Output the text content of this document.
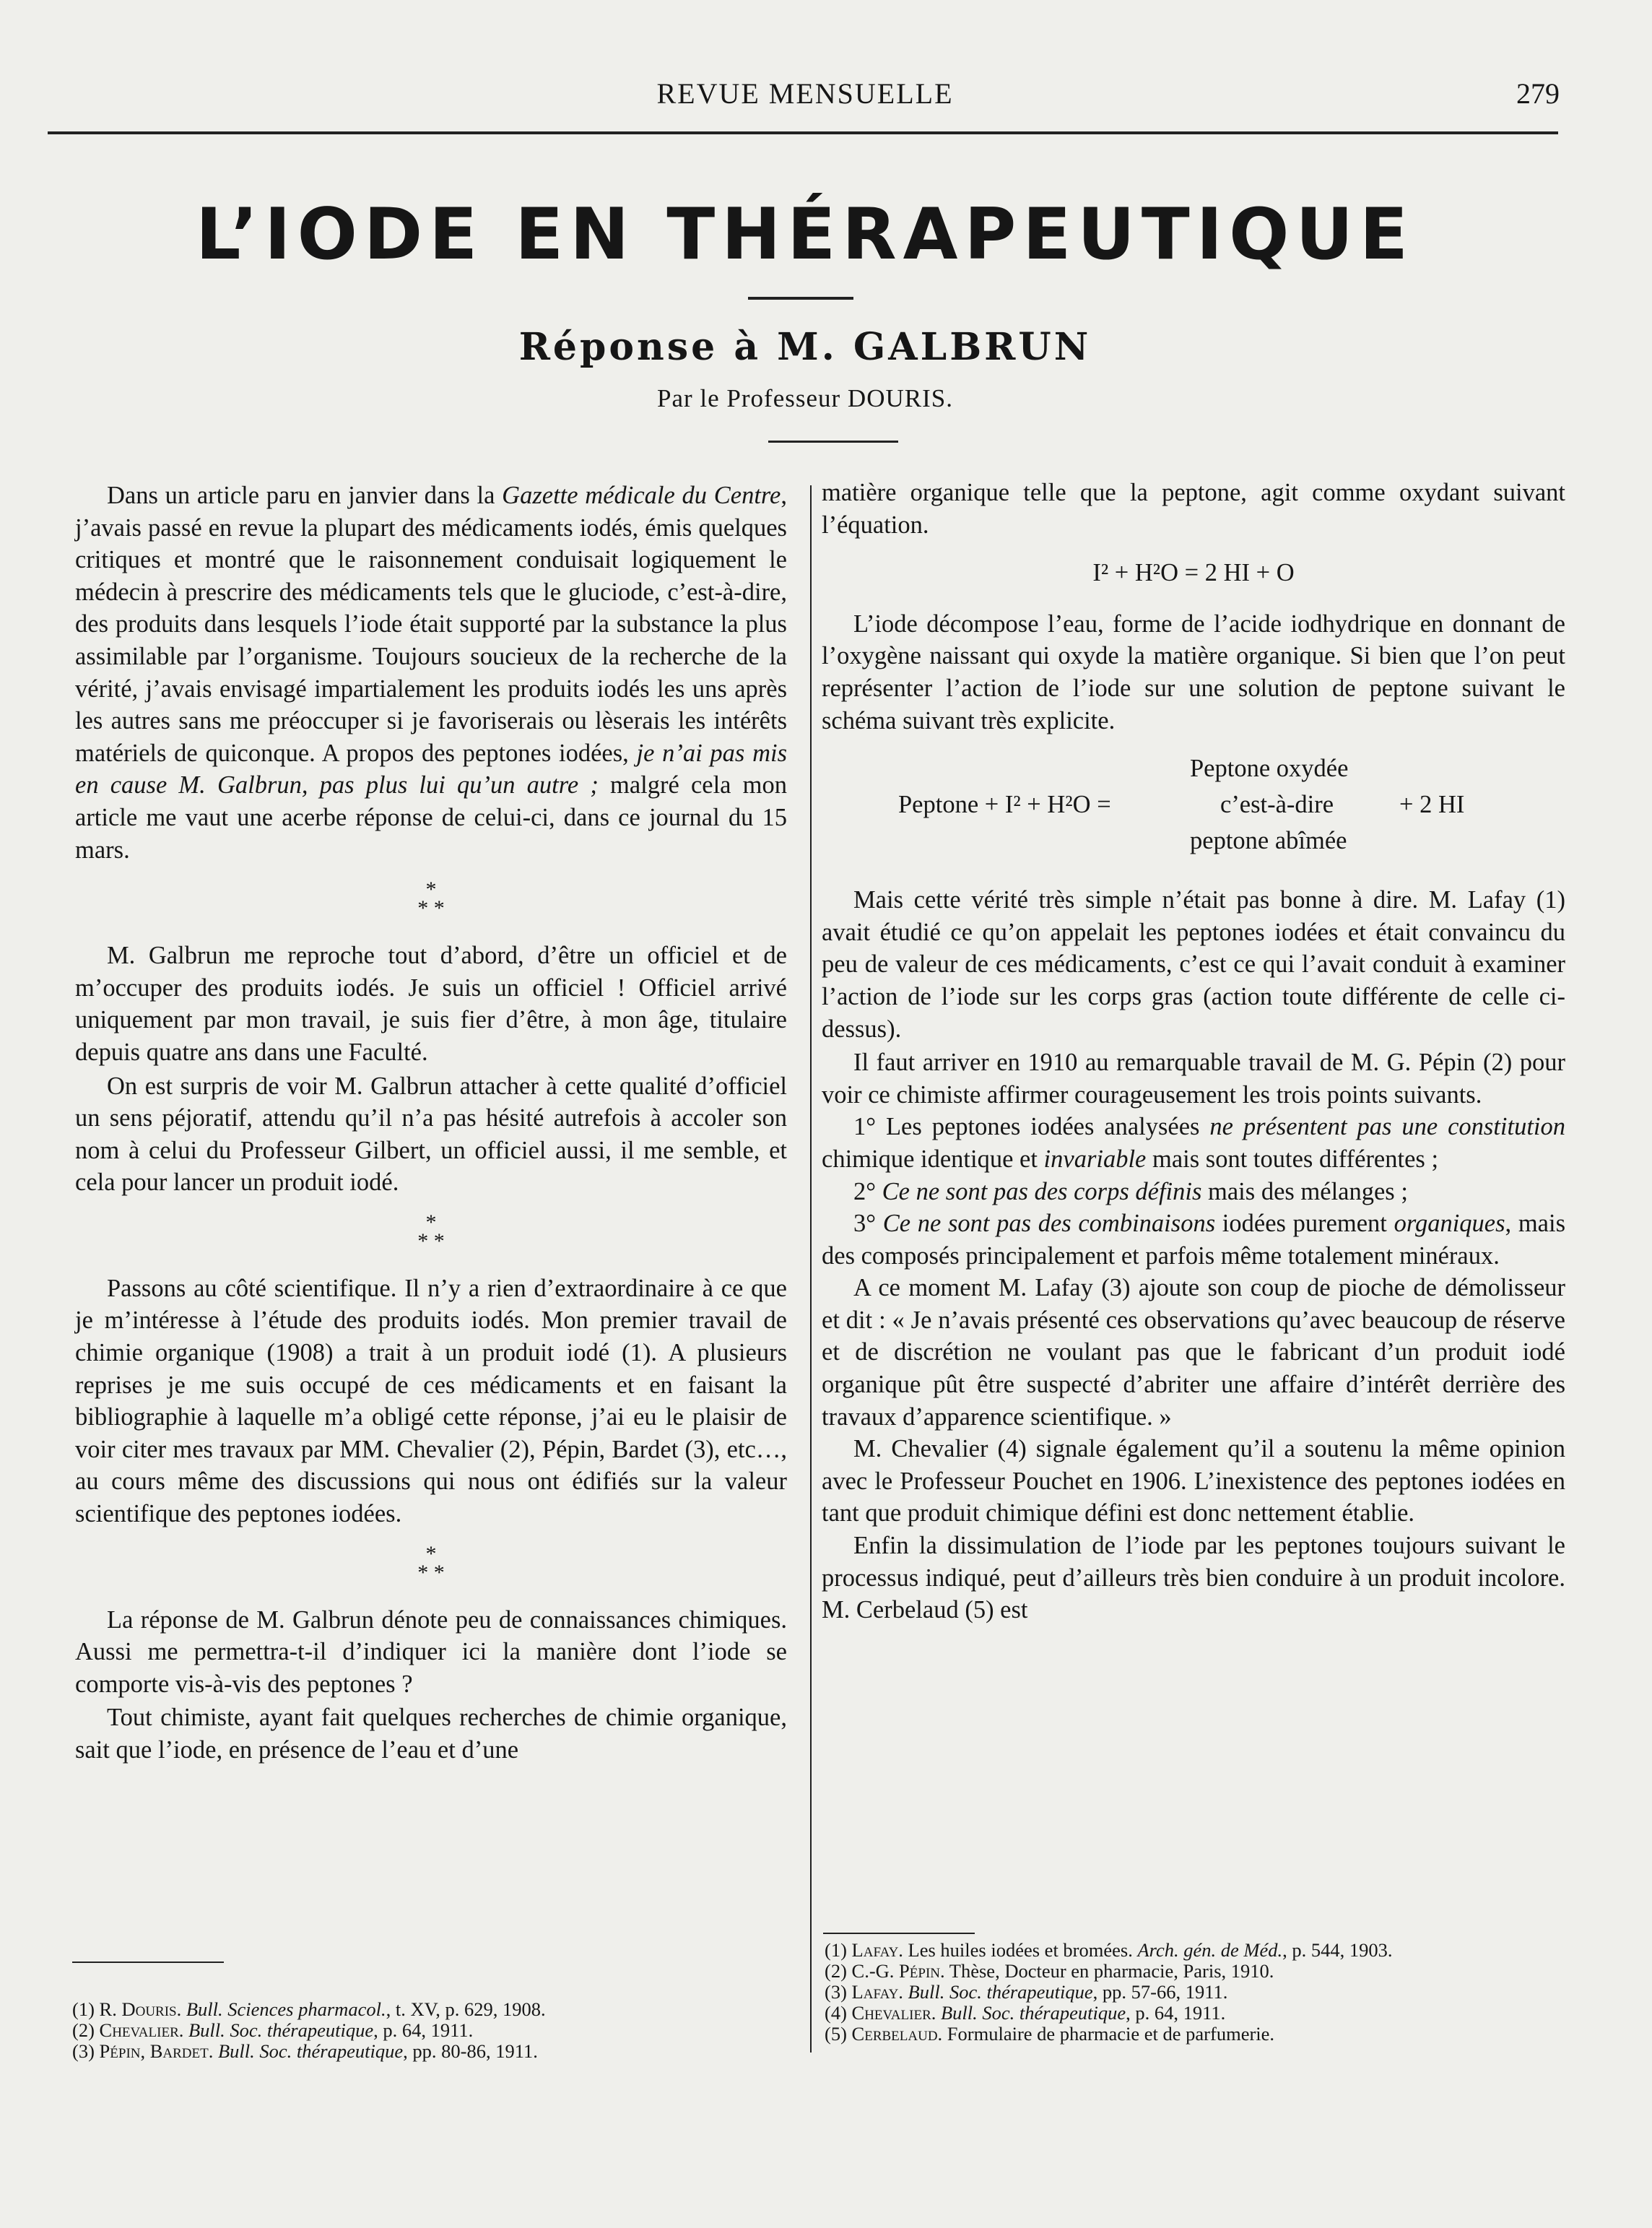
REVUE MENSUELLE	279
L’IODE EN THÉRAPEUTIQUE
Réponse à M. GALBRUN
Par le Professeur DOURIS.

Dans un article paru en janvier dans la Gazette médicale du Centre, j’avais passé en revue la plupart des médicaments iodés, émis quelques critiques et montré que le raisonnement conduisait logiquement le médecin à prescrire des médicaments tels que le gluciode, c’est-à-dire, des produits dans lesquels l’iode était supporté par la substance la plus assimilable par l’organisme. Toujours soucieux de la recherche de la vérité, j’avais envisagé impartialement les produits iodés les uns après les autres sans me préoccuper si je favoriserais ou lèserais les intérêts matériels de quiconque. A propos des peptones iodées, je n’ai pas mis en cause M. Galbrun, pas plus lui qu’un autre ; malgré cela mon article me vaut une acerbe réponse de celui-ci, dans ce journal du 15 mars.

*
* *

M. Galbrun me reproche tout d’abord, d’être un officiel et de m’occuper des produits iodés. Je suis un officiel ! Officiel arrivé uniquement par mon travail, je suis fier d’être, à mon âge, titulaire depuis quatre ans dans une Faculté.

On est surpris de voir M. Galbrun attacher à cette qualité d’officiel un sens péjoratif, attendu qu’il n’a pas hésité autrefois à accoler son nom à celui du Professeur Gilbert, un officiel aussi, il me semble, et cela pour lancer un produit iodé.

*
* *

Passons au côté scientifique. Il n’y a rien d’extraordinaire à ce que je m’intéresse à l’étude des produits iodés. Mon premier travail de chimie organique (1908) a trait à un produit iodé (1). A plusieurs reprises je me suis occupé de ces médicaments et en faisant la bibliographie à laquelle m’a obligé cette réponse, j’ai eu le plaisir de voir citer mes travaux par MM. Chevalier (2), Pépin, Bardet (3), etc…, au cours même des discussions qui nous ont édifiés sur la valeur scientifique des peptones iodées.

*
* *

La réponse de M. Galbrun dénote peu de connaissances chimiques. Aussi me permettra-t-il d’indiquer ici la manière dont l’iode se comporte vis-à-vis des peptones ?

Tout chimiste, ayant fait quelques recherches de chimie organique, sait que l’iode, en présence de l’eau et d’une

matière organique telle que la peptone, agit comme oxydant suivant l’équation.

I² + H²O = 2 HI + O

L’iode décompose l’eau, forme de l’acide iodhydrique en donnant de l’oxygène naissant qui oxyde la matière organique. Si bien que l’on peut représenter l’action de l’iode sur une solution de peptone suivant le schéma suivant très explicite.

Peptone oxydée
Peptone + I² + H²O =	c’est-à-dire	+ 2 HI
peptone abîmée

Mais cette vérité très simple n’était pas bonne à dire. M. Lafay (1) avait étudié ce qu’on appelait les peptones iodées et était convaincu du peu de valeur de ces médicaments, c’est ce qui l’avait conduit à examiner l’action de l’iode sur les corps gras (action toute différente de celle ci-dessus).

Il faut arriver en 1910 au remarquable travail de M. G. Pépin (2) pour voir ce chimiste affirmer courageusement les trois points suivants.

1° Les peptones iodées analysées ne présentent pas une constitution chimique identique et invariable mais sont toutes différentes ;

2° Ce ne sont pas des corps définis mais des mélanges ;

3° Ce ne sont pas des combinaisons iodées purement organiques, mais des composés principalement et parfois même totalement minéraux.

A ce moment M. Lafay (3) ajoute son coup de pioche de démolisseur et dit : « Je n’avais présenté ces observations qu’avec beaucoup de réserve et de discrétion ne voulant pas que le fabricant d’un produit iodé organique pût être suspecté d’abriter une affaire d’intérêt derrière des travaux d’apparence scientifique. »

M. Chevalier (4) signale également qu’il a soutenu la même opinion avec le Professeur Pouchet en 1906. L’inexistence des peptones iodées en tant que produit chimique défini est donc nettement établie.

Enfin la dissimulation de l’iode par les peptones toujours suivant le processus indiqué, peut d’ailleurs très bien conduire à un produit incolore. M. Cerbelaud (5) est

(1) R. Douris. Bull. Sciences pharmacol., t. XV, p. 629, 1908.
(2) Chevalier. Bull. Soc. thérapeutique, p. 64, 1911.
(3) Pépin, Bardet. Bull. Soc. thérapeutique, pp. 80-86, 1911.
(1) Lafay. Les huiles iodées et bromées. Arch. gén. de Méd., p. 544, 1903.
(2) C.-G. Pépin. Thèse, Docteur en pharmacie, Paris, 1910.
(3) Lafay. Bull. Soc. thérapeutique, pp. 57-66, 1911.
(4) Chevalier. Bull. Soc. thérapeutique, p. 64, 1911.
(5) Cerbelaud. Formulaire de pharmacie et de parfumerie.
